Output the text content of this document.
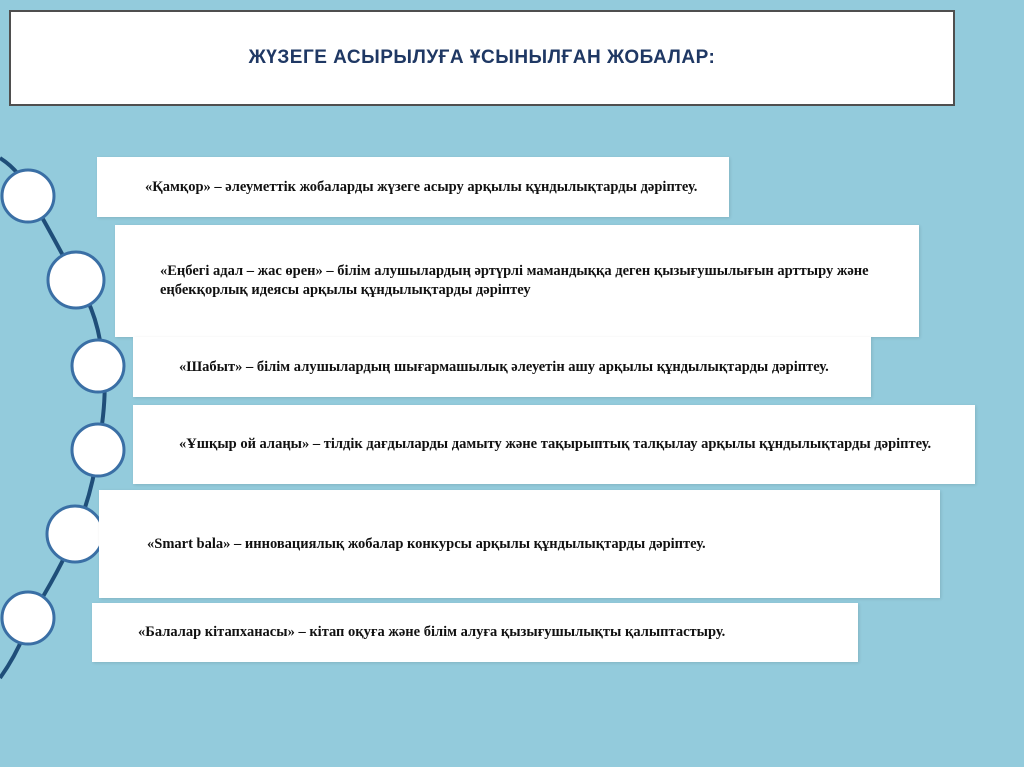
ЖҮЗЕГЕ АСЫРЫЛУҒА ҰСЫНЫЛҒАН ЖОБАЛАР:
«Қамқор» – әлеуметтік жобаларды жүзеге асыру арқылы құндылықтарды дәріптеу.
«Еңбегі адал – жас өрен» – білім алушылардың әртүрлі мамандыққа деген қызығушылығын арттыру және еңбекқорлық идеясы арқылы құндылықтарды дәріптеу
«Шабыт» – білім алушылардың шығармашылық әлеуетін ашу арқылы құндылықтарды дәріптеу.
«Ұшқыр ой алаңы» – тілдік дағдыларды дамыту және тақырыптық талқылау арқылы құндылықтарды дәріптеу.
«Smart bala» – инновациялық жобалар конкурсы арқылы құндылықтарды дәріптеу.
«Балалар кітапханасы» – кітап оқуға және білім алуға қызығушылықты қалыптастыру.
